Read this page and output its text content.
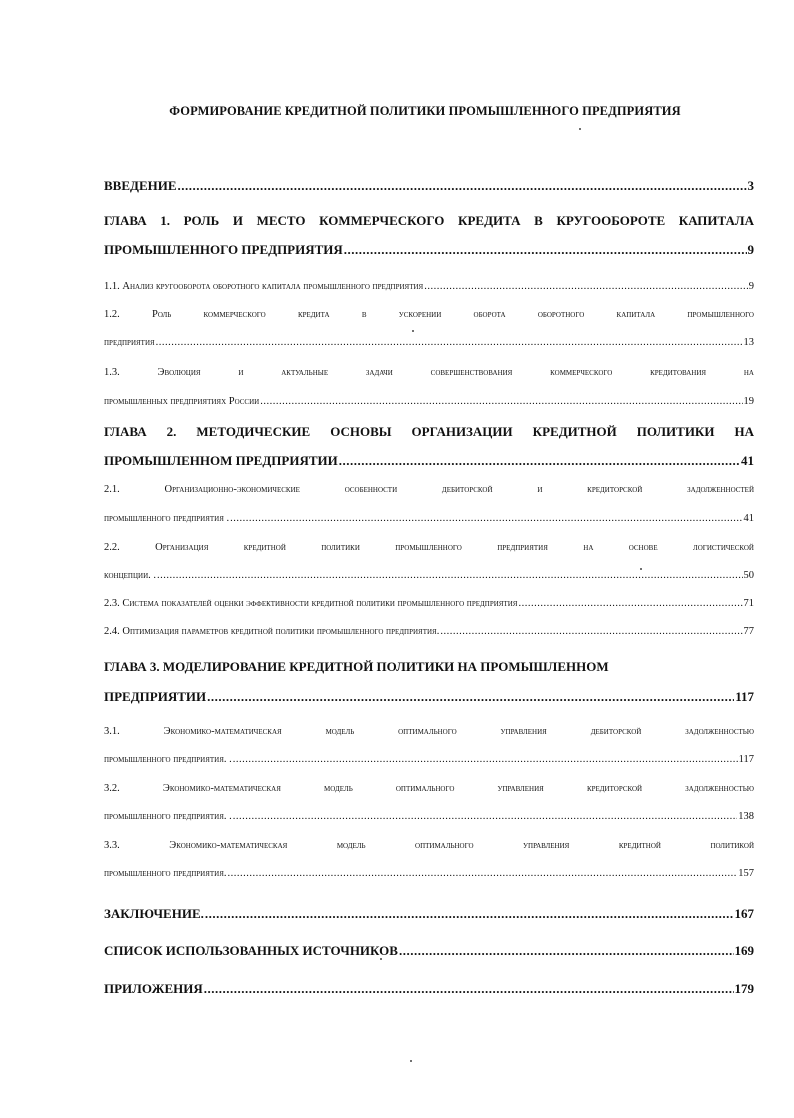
ФОРМИРОВАНИЕ КРЕДИТНОЙ ПОЛИТИКИ ПРОМЫШЛЕННОГО ПРЕДПРИЯТИЯ
ВВЕДЕНИЕ .....	3
ГЛАВА 1. РОЛЬ И МЕСТО КОММЕРЧЕСКОГО КРЕДИТА В КРУГООБОРОТЕ КАПИТАЛА
ПРОМЫШЛЕННОГО ПРЕДПРИЯТИЯ .....	9
1.1. Анализ кругооборота оборотного капитала промышленного предприятия .....	9
1.2. Роль коммерческого кредита в ускорении оборота оборотного капитала промышленного
предприятия .....	13
1.3. Эволюция и актуальные задачи совершенствования коммерческого кредитования на
промышленных предприятиях России .....	19
ГЛАВА 2. МЕТОДИЧЕСКИЕ ОСНОВЫ ОРГАНИЗАЦИИ КРЕДИТНОЙ ПОЛИТИКИ НА
ПРОМЫШЛЕННОМ ПРЕДПРИЯТИИ .....	41
2.1. Организационно-экономические особенности дебиторской и кредиторской задолженностей
промышленного предприятия . .....	41
2.2. Организация кредитной политики промышленного предприятия на основе логистической
концепции. . .....	50
2.3. Система показателей оценки эффективности кредитной политики промышленного предприятия .....	71
2.4. Оптимизация параметров кредитной политики промышленного предприятия. .....	77
ГЛАВА 3. МОДЕЛИРОВАНИЕ КРЕДИТНОЙ ПОЛИТИКИ НА ПРОМЫШЛЕННОМ
ПРЕДПРИЯТИИ .....	117
3.1. Экономико-математическая модель оптимального управления дебиторской задолженностью
промышленного предприятия. . .....	117
3.2. Экономико-математическая модель оптимального управления кредиторской задолженностью
промышленного предприятия. . .....	138
3.3. Экономико-математическая модель оптимального управления кредитной политикой
промышленного предприятия. .....	157
ЗАКЛЮЧЕНИЕ. .....	167
СПИСОК ИСПОЛЬЗОВАННЫХ ИСТОЧНИКОВ .....	169
ПРИЛОЖЕНИЯ .....	179
